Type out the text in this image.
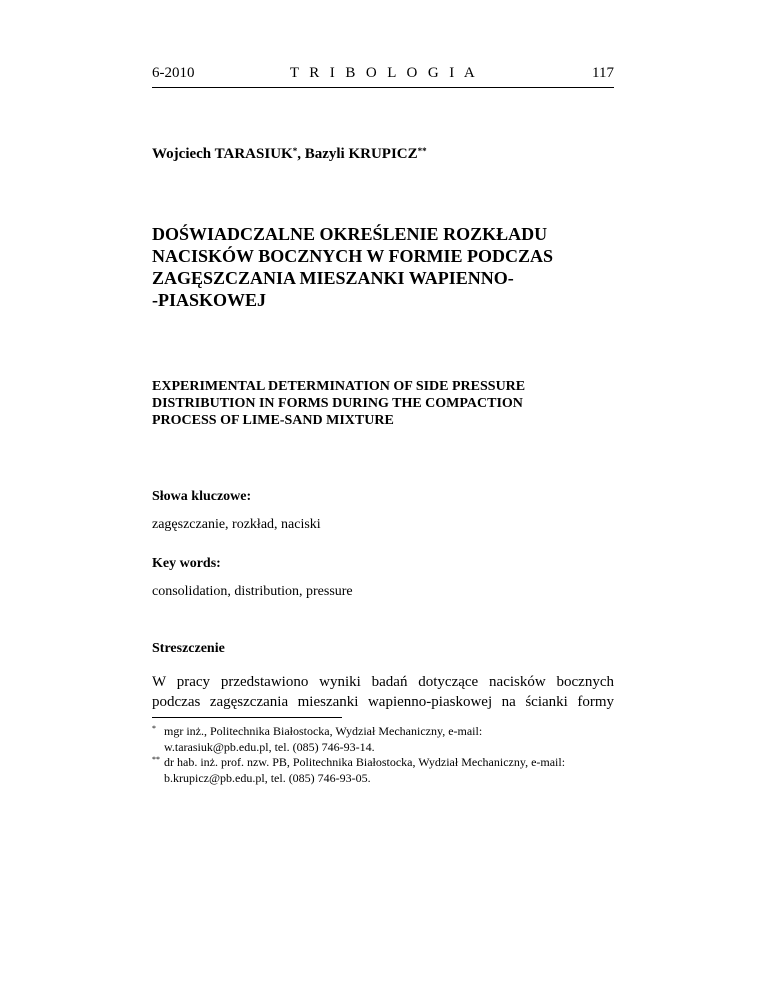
6-2010	T R I B O L O G I A	117
Wojciech TARASIUK*, Bazyli KRUPICZ**
DOŚWIADCZALNE OKREŚLENIE ROZKŁADU
NACISKÓW BOCZNYCH W FORMIE PODCZAS
ZAGĘSZCZANIA MIESZANKI WAPIENNO-
-PIASKOWEJ
EXPERIMENTAL DETERMINATION OF SIDE PRESSURE
DISTRIBUTION IN FORMS DURING THE COMPACTION
PROCESS OF LIME-SAND MIXTURE
Słowa kluczowe:
zagęszczanie, rozkład, naciski
Key words:
consolidation, distribution, pressure
Streszczenie
W pracy przedstawiono wyniki badań dotyczące nacisków bocznych
podczas zagęszczania mieszanki wapienno-piaskowej na ścianki formy
* mgr inż., Politechnika Białostocka, Wydział Mechaniczny, e-mail:
w.tarasiuk@pb.edu.pl, tel. (085) 746-93-14.
** dr hab. inż. prof. nzw. PB, Politechnika Białostocka, Wydział Mechaniczny, e-mail:
b.krupicz@pb.edu.pl, tel. (085) 746-93-05.
